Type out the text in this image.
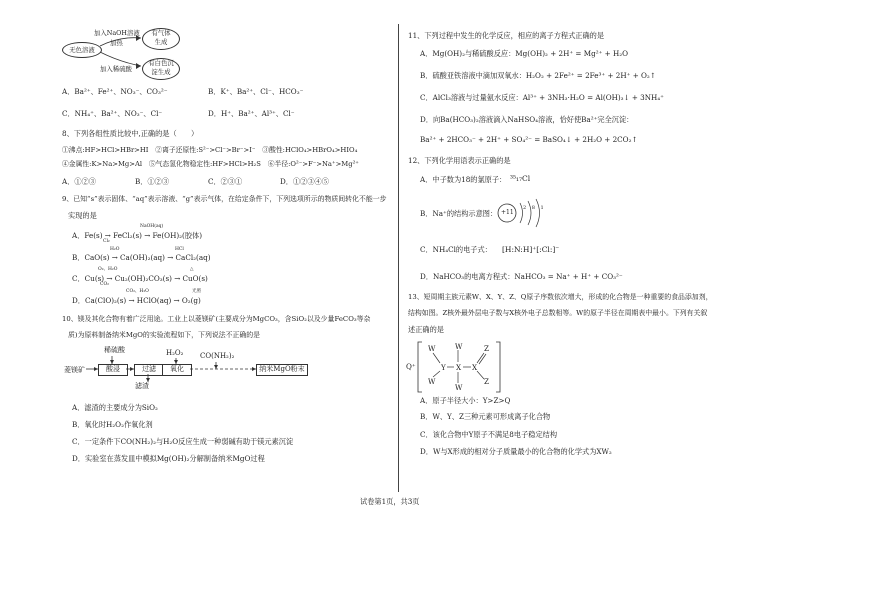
无色溶液
有气体
生成
有白色沉
淀生成
加入NaOH溶液
加热
加入稀硫酸
A．Ba²⁺、Fe²⁺、NO₃⁻、CO₃²⁻	B．K⁺、Ba²⁺、Cl⁻、HCO₃⁻
C．NH₄⁺、Ba²⁺、NO₃⁻、Cl⁻	D．H⁺、Ba²⁺、Al³⁺、Cl⁻
8、下列各组性质比较中,正确的是（　　）
①沸点:HF>HCl>HBr>HI　②离子还原性:S²⁻>Cl⁻>Br⁻>I⁻　③酸性:HClO₄>HBrO₄>HIO₄
④金属性:K>Na>Mg>Al　⑤气态氢化物稳定性:HF>HCl>H₂S　⑥半径:O²⁻>F⁻>Na⁺>Mg²⁺
A．①②③	B．①②③	C．②③①	D．①②③④⑤
9、已知“s”表示固体、“aq”表示溶液、“g”表示气体，在给定条件下，下列选项所示的物质间转化不能一步
实现的是
Cl₂
NaOH(aq)
A．Fe(s) → FeCl₂(s) → Fe(OH)₂(胶体)
H₂O	HCl
B．CaO(s) → Ca(OH)₂(aq) → CaCl₂(aq)
O₂、H₂O
CO₂
△
C．Cu(s) → Cu₂(OH)₂CO₃(s) → CuO(s)
CO₂、H₂O	光照
D．Ca(ClO)₂(s) → HClO(aq) → O₂(g)
10、镁及其化合物有着广泛用途。工业上以菱镁矿(主要成分为MgCO₃，含SiO₂以及少量FeCO₃等杂
质)为原料制备纳米MgO的实验流程如下，下列说法不正确的是
菱镁矿
稀硫酸
酸浸	过滤
滤渣
H₂O₂
氧化
CO(NH₂)₂
纳米MgO粉末
A．滤渣的主要成分为SiO₂
B．氧化时H₂O₂作氧化剂
C．一定条件下CO(NH₂)₂与H₂O反应生成一种弱碱有助于镁元素沉淀
D．实验室在蒸发皿中模拟Mg(OH)₂分解制备纳米MgO过程
11、下列过程中发生的化学反应，相应的离子方程式正确的是
A．Mg(OH)₂与稀硫酸反应：Mg(OH)₂ + 2H⁺ = Mg²⁺ + H₂O
B．硫酸亚铁溶液中滴加双氧水：H₂O₂ + 2Fe²⁺ = 2Fe³⁺ + 2H⁺ + O₂↑
C．AlCl₃溶液与过量氨水反应：Al³⁺ + 3NH₃·H₂O = Al(OH)₃↓ + 3NH₄⁺
D．向Ba(HCO₃)₂溶液滴入NaHSO₄溶液，恰好使Ba²⁺完全沉淀：
Ba²⁺ + 2HCO₃⁻ + 2H⁺ + SO₄²⁻ = BaSO₄↓ + 2H₂O + 2CO₂↑
12、下列化学用语表示正确的是
A．中子数为18的氯原子： ³⁵₁₇Cl
B．Na⁺的结构示意图： +11
2 8 1
C．NH₄Cl的电子式： [H:N:H]⁺[:Cl:]⁻
D．NaHCO₃的电离方程式：NaHCO₃ = Na⁺ + H⁺ + CO₃²⁻
13、短周期主族元素W、X、Y、Z、Q原子序数依次增大，形成的化合物是一种重要的食品添加剂，
结构如图。Z核外最外层电子数与X核外电子总数相等。W的原子半径在周期表中最小。下列有关叙
述正确的是
Q⁺
W
W
Y
W
X
W
X
Z
Z
A．原子半径大小：Y>Z>Q
B．W、Y、Z三种元素可形成离子化合物
C．该化合物中Y原子不满足8电子稳定结构
D．W与X形成的相对分子质量最小的化合物的化学式为XW₂
试卷第1页，共3页
